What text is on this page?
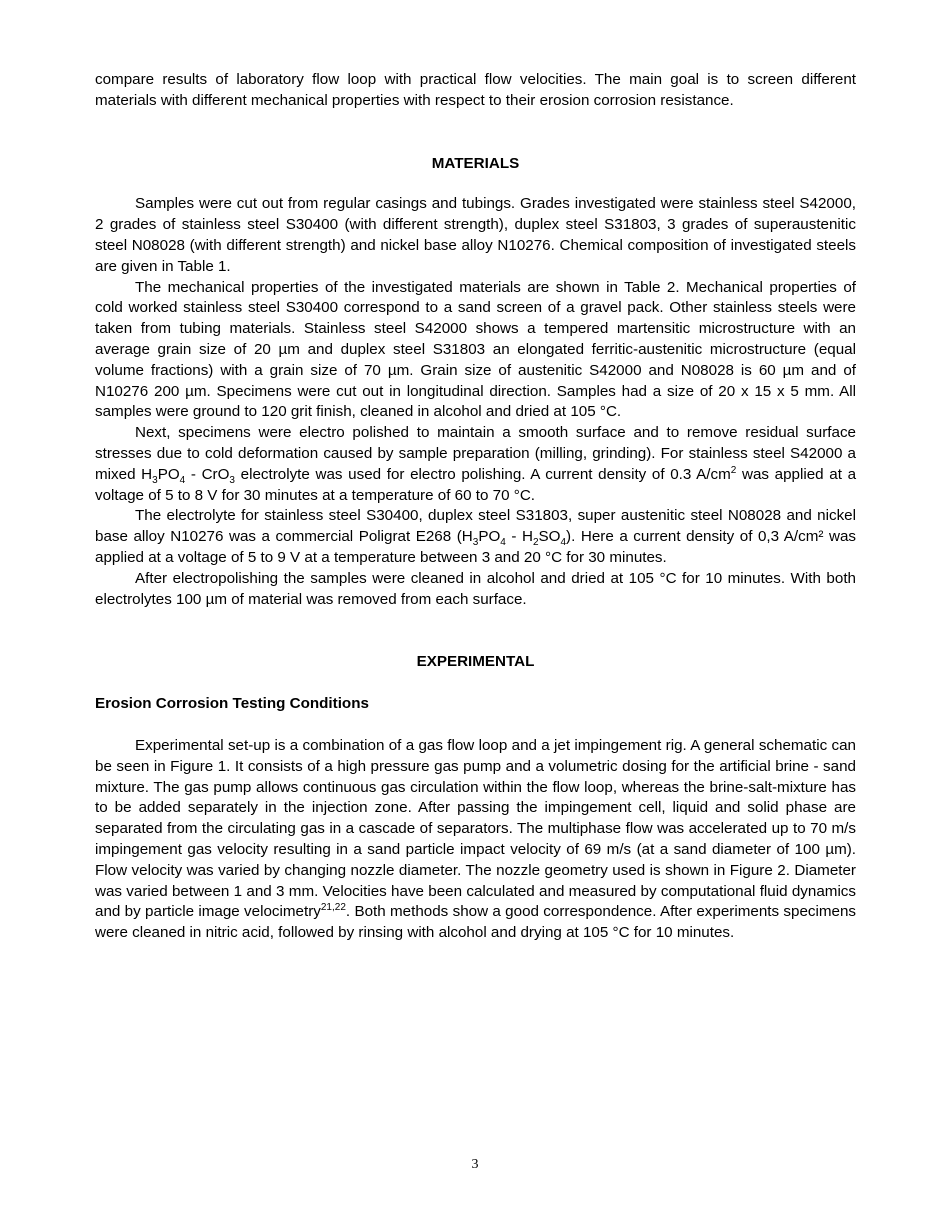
compare results of laboratory flow loop with practical flow velocities. The main goal is to screen different materials with different mechanical properties with respect to their erosion corrosion resistance.

MATERIALS

Samples were cut out from regular casings and tubings. Grades investigated were stainless steel S42000, 2 grades of stainless steel S30400 (with different strength), duplex steel S31803, 3 grades of superaustenitic steel N08028 (with different strength) and nickel base alloy N10276. Chemical composition of investigated steels are given in Table 1.

The mechanical properties of the investigated materials are shown in Table 2. Mechanical properties of cold worked stainless steel S30400 correspond to a sand screen of a gravel pack. Other stainless steels were taken from tubing materials. Stainless steel S42000 shows a tempered martensitic microstructure with an average grain size of 20 µm and duplex steel S31803 an elongated ferritic-austenitic microstructure (equal volume fractions) with a grain size of 70 µm. Grain size of austenitic S42000 and N08028 is 60 µm and of N10276 200 µm. Specimens were cut out in longitudinal direction. Samples had a size of 20 x 15 x 5 mm. All samples were ground to 120 grit finish, cleaned in alcohol and dried at 105 °C.

Next, specimens were electro polished to maintain a smooth surface and to remove residual surface stresses due to cold deformation caused by sample preparation (milling, grinding). For stainless steel S42000 a mixed $H_3PO_4 - CrO_3$ electrolyte was used for electro polishing. A current density of 0.3 $A/cm^2$ was applied at a voltage of 5 to 8 V for 30 minutes at a temperature of 60 to 70 °C.

The electrolyte for stainless steel S30400, duplex steel S31803, super austenitic steel N08028 and nickel base alloy N10276 was a commercial Poligrat E268 $(H_3PO_4 - H_2SO_4)$. Here a current density of 0,3 A/cm² was applied at a voltage of 5 to 9 V at a temperature between 3 and 20 °C for 30 minutes.

After electropolishing the samples were cleaned in alcohol and dried at 105 °C for 10 minutes. With both electrolytes 100 µm of material was removed from each surface.

EXPERIMENTAL
Erosion Corrosion Testing Conditions

Experimental set-up is a combination of a gas flow loop and a jet impingement rig. A general schematic can be seen in Figure 1. It consists of a high pressure gas pump and a volumetric dosing for the artificial brine - sand mixture. The gas pump allows continuous gas circulation within the flow loop, whereas the brine-salt-mixture has to be added separately in the injection zone. After passing the impingement cell, liquid and solid phase are separated from the circulating gas in a cascade of separators. The multiphase flow was accelerated up to 70 m/s impingement gas velocity resulting in a sand particle impact velocity of 69 m/s (at a sand diameter of 100 µm). Flow velocity was varied by changing nozzle diameter. The nozzle geometry used is shown in Figure 2. Diameter was varied between 1 and 3 mm. Velocities have been calculated and measured by computational fluid dynamics and by particle image velocimetry$^{21,22}$. Both methods show a good correspondence. After experiments specimens were cleaned in nitric acid, followed by rinsing with alcohol and drying at 105 °C for 10 minutes.

3
